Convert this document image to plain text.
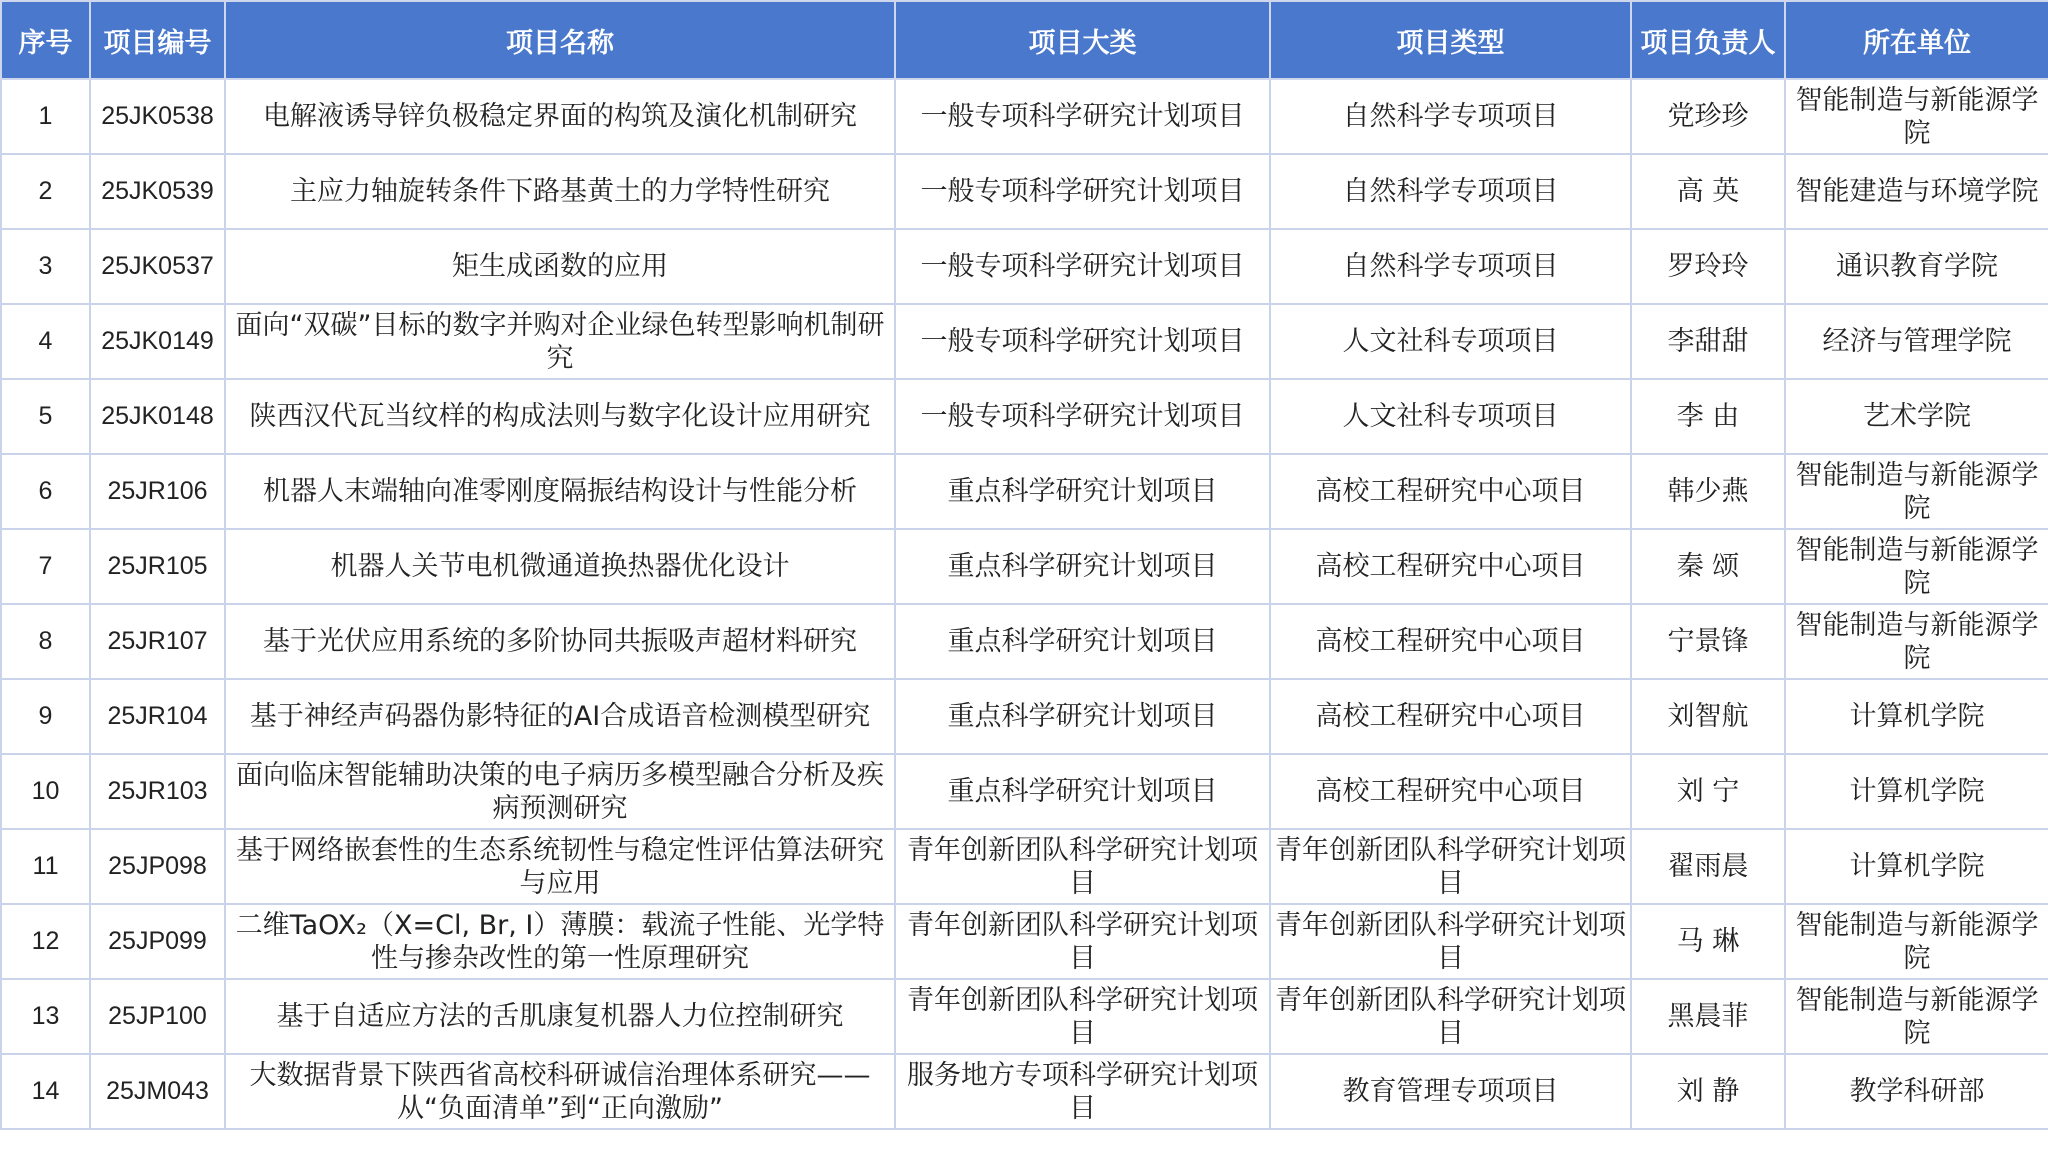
序号	项目编号	项目名称	项目大类	项目类型	项目负责人	所在单位
1	25JK0538	电解液诱导锌负极稳定界面的构筑及演化机制研究	一般专项科学研究计划项目	自然科学专项项目	党珍珍	智能制造与新能源学院
2	25JK0539	主应力轴旋转条件下路基黄土的力学特性研究	一般专项科学研究计划项目	自然科学专项项目	高 英	智能建造与环境学院
3	25JK0537	矩生成函数的应用	一般专项科学研究计划项目	自然科学专项项目	罗玲玲	通识教育学院
4	25JK0149	面向“双碳”目标的数字并购对企业绿色转型影响机制研究	一般专项科学研究计划项目	人文社科专项项目	李甜甜	经济与管理学院
5	25JK0148	陕西汉代瓦当纹样的构成法则与数字化设计应用研究	一般专项科学研究计划项目	人文社科专项项目	李 由	艺术学院
6	25JR106	机器人末端轴向准零刚度隔振结构设计与性能分析	重点科学研究计划项目	高校工程研究中心项目	韩少燕	智能制造与新能源学院
7	25JR105	机器人关节电机微通道换热器优化设计	重点科学研究计划项目	高校工程研究中心项目	秦 颂	智能制造与新能源学院
8	25JR107	基于光伏应用系统的多阶协同共振吸声超材料研究	重点科学研究计划项目	高校工程研究中心项目	宁景锋	智能制造与新能源学院
9	25JR104	基于神经声码器伪影特征的AI合成语音检测模型研究	重点科学研究计划项目	高校工程研究中心项目	刘智航	计算机学院
10	25JR103	面向临床智能辅助决策的电子病历多模型融合分析及疾病预测研究	重点科学研究计划项目	高校工程研究中心项目	刘 宁	计算机学院
11	25JP098	基于网络嵌套性的生态系统韧性与稳定性评估算法研究与应用	青年创新团队科学研究计划项目	青年创新团队科学研究计划项目	翟雨晨	计算机学院
12	25JP099	二维TaOX₂（X=Cl, Br, I）薄膜：载流子性能、光学特性与掺杂改性的第一性原理研究	青年创新团队科学研究计划项目	青年创新团队科学研究计划项目	马 琳	智能制造与新能源学院
13	25JP100	基于自适应方法的舌肌康复机器人力位控制研究	青年创新团队科学研究计划项目	青年创新团队科学研究计划项目	黑晨菲	智能制造与新能源学院
14	25JM043	大数据背景下陕西省高校科研诚信治理体系研究——从“负面清单”到“正向激励”	服务地方专项科学研究计划项目	教育管理专项项目	刘 静	教学科研部
